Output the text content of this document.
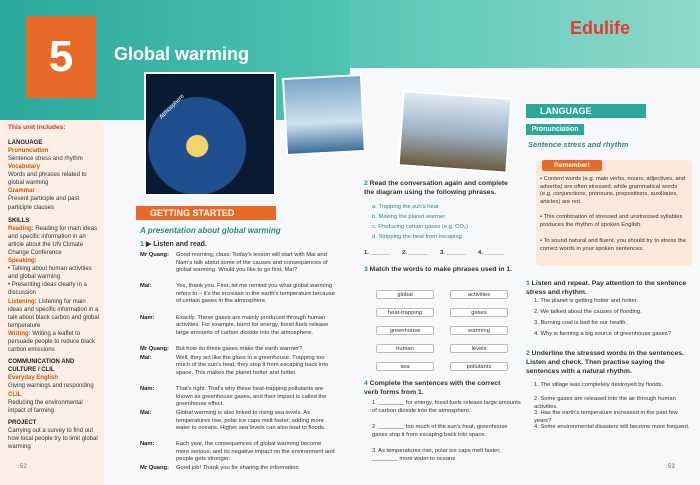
5	Global warming
Atmosphere
This unit includes:
LANGUAGE
Pronunciation
Sentence stress and rhythm
Vocabulary
Words and phrases related to global warming
Grammar
Present participle and past participle clauses
SKILLS
Reading: Reading for main ideas and specific information in an article about the UN Climate Change Conference
Speaking:
• Talking about human activities and global warming
• Presenting ideas clearly in a discussion
Listening: Listening for main ideas and specific information in a talk about black carbon and global temperature
Writing: Writing a leaflet to persuade people to reduce black carbon emissions
COMMUNICATION AND CULTURE / CLIL
Everyday English
Giving warnings and responding
CLIL
Reducing the environmental impact of farming
PROJECT
Carrying out a survey to find out how local people try to limit global warming
GETTING STARTED
A presentation about global warming
1 ▶ Listen and read.
Mr Quang: Good morning, class. Today's lesson will start with Mai and Nam's talk about some of the causes and consequences of global warming. Would you like to go first, Mai?
Mai:	Yes, thank you. First, let me remind you what global warming refers to – it's the increase in the earth's temperature because of certain gases in the atmosphere.
Nam:	Exactly. These gases are mainly produced through human activities. For example, burnt for energy, fossil fuels release large amounts of carbon dioxide into the atmosphere.
Mr Quang: But how do these gases make the earth warmer?
Mai:	Well, they act like the glass in a greenhouse. Trapping too much of the sun's heat, they stop it from escaping back into space. This makes the planet hotter and hotter.
Nam:	That's right. That's why these heat-trapping pollutants are known as greenhouse gases, and their impact is called the greenhouse effect.
Mai:	Global warming is also linked to rising sea levels. As temperatures rise, polar ice caps melt faster, adding more water to oceans. Higher sea levels can also lead to floods.
Nam:	Each year, the consequences of global warming become more serious, and its negative impact on the environment and people gets stronger.
Mr Quang: Good job! Thank you for sharing the information.
52
Edulife
2 Read the conversation again and complete the diagram using the following phrases.
a. Trapping the sun's heat
b. Making the planet warmer
c. Producing certain gases (e.g. CO₂)
d. Stopping the heat from escaping
1. ______ 2. ______ 3. ______ 4. ______
3 Match the words to make phrases used in 1.
global
heat-trapping
greenhouse
human
sea
activities
gases
warming
levels
pollutants
4 Complete the sentences with the correct verb forms from 1.
1. ________ for energy, fossil fuels release large amounts of carbon dioxide into the atmosphere.
2. ________ too much of the sun's heat, greenhouse gases stop it from escaping back into space.
3. As temperatures rise, polar ice caps melt faster, ________ more water to oceans.
LANGUAGE
Pronunciation
Sentence stress and rhythm
Remember!
• Content words (e.g. main verbs, nouns, adjectives, and adverbs) are often stressed, while grammatical words (e.g. conjunctions, pronouns, prepositions, auxiliaries, articles) are not.
• This combination of stressed and unstressed syllables produces the rhythm of spoken English.
• To sound natural and fluent, you should try to stress the correct words in your spoken sentences.
1 Listen and repeat. Pay attention to the sentence stress and rhythm.
1. The planet is getting hotter and hotter.
2. We talked about the causes of flooding.
3. Burning coal is bad for our health.
4. Why is farming a big source of greenhouse gases?
2 Underline the stressed words in the sentences. Listen and check. Then practise saying the sentences with a natural rhythm.
1. The village was completely destroyed by floods.
2. Some gases are released into the air through human activities.
3. Has the earth's temperature increased in the past few years?
4. Some environmental disasters will become more frequent.
53
